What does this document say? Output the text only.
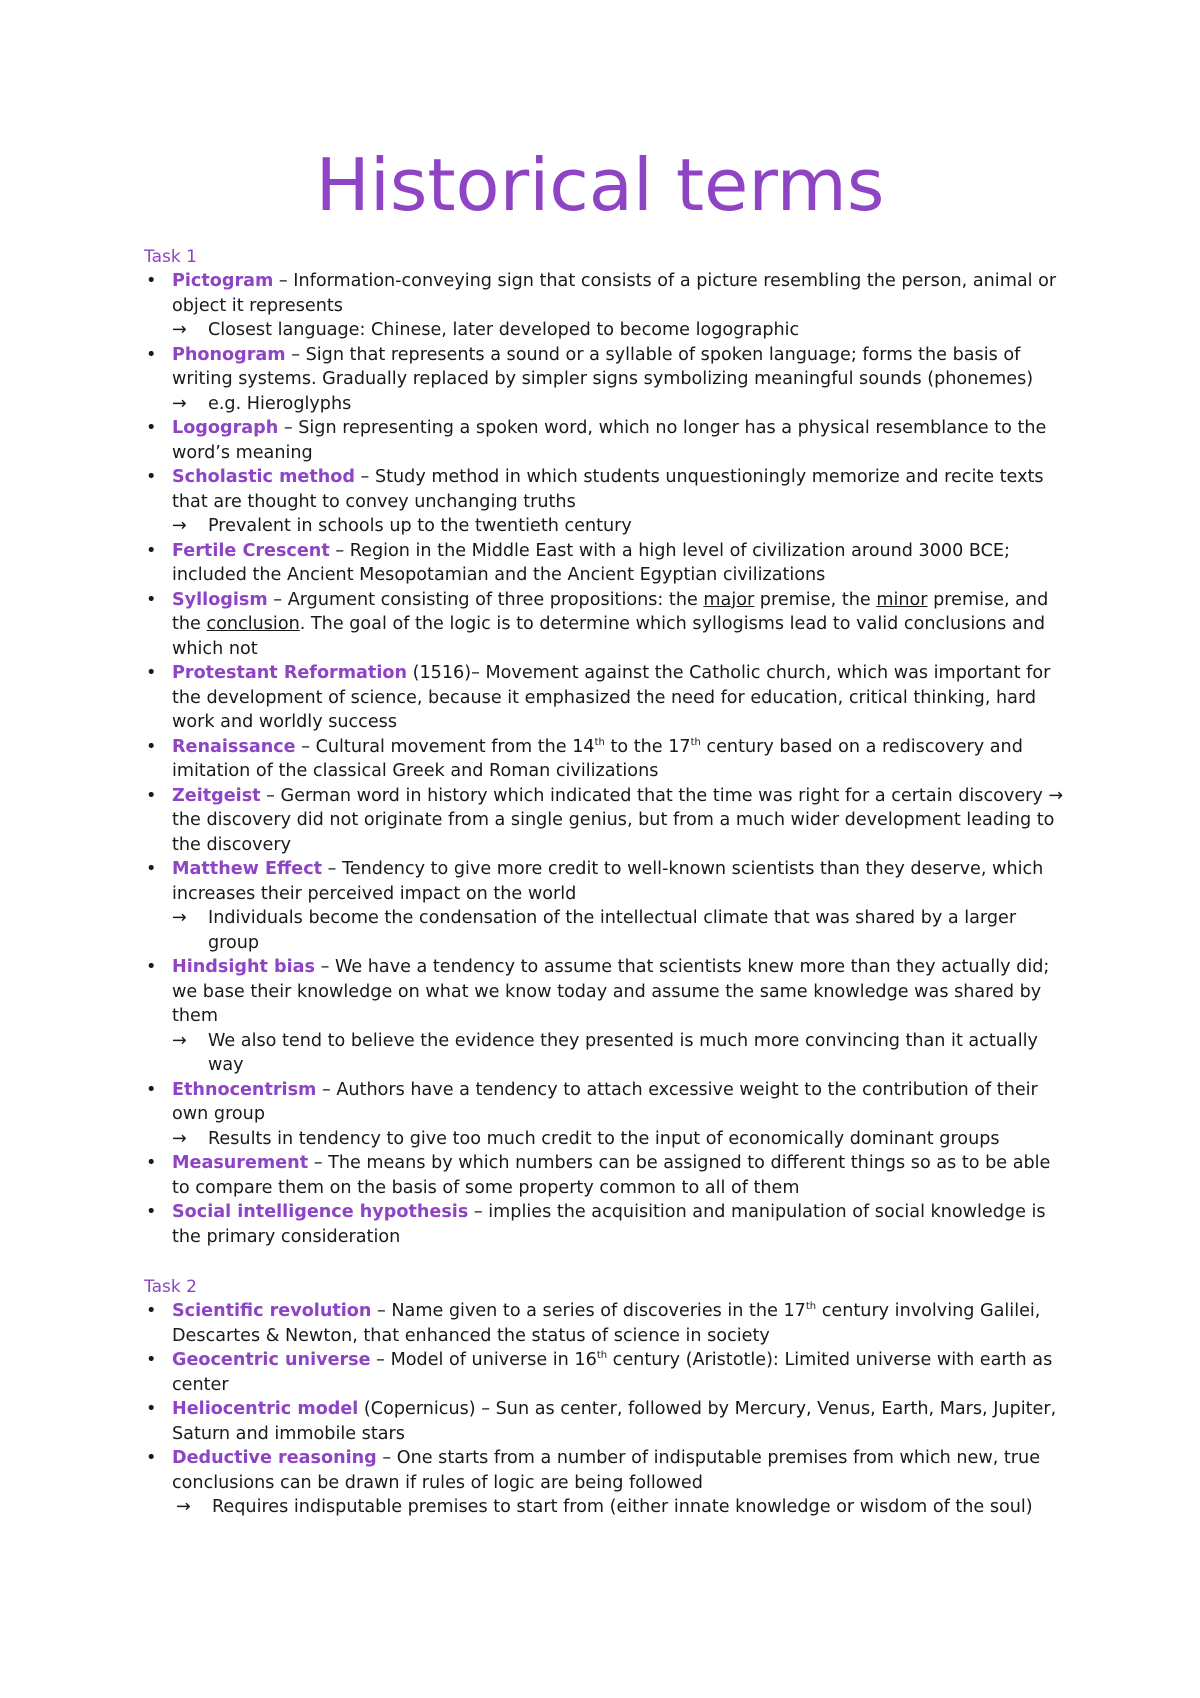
Historical terms

Task 1

• Pictogram – Information-conveying sign that consists of a picture resembling the person, animal or object it represents
→ Closest language: Chinese, later developed to become logographic
• Phonogram – Sign that represents a sound or a syllable of spoken language; forms the basis of writing systems. Gradually replaced by simpler signs symbolizing meaningful sounds (phonemes)
→ e.g. Hieroglyphs
• Logograph – Sign representing a spoken word, which no longer has a physical resemblance to the word’s meaning
• Scholastic method – Study method in which students unquestioningly memorize and recite texts that are thought to convey unchanging truths
→ Prevalent in schools up to the twentieth century
• Fertile Crescent – Region in the Middle East with a high level of civilization around 3000 BCE; included the Ancient Mesopotamian and the Ancient Egyptian civilizations
• Syllogism – Argument consisting of three propositions: the major premise, the minor premise, and the conclusion. The goal of the logic is to determine which syllogisms lead to valid conclusions and which not
• Protestant Reformation (1516)– Movement against the Catholic church, which was important for the development of science, because it emphasized the need for education, critical thinking, hard work and worldly success
• Renaissance – Cultural movement from the 14th to the 17th century based on a rediscovery and imitation of the classical Greek and Roman civilizations
• Zeitgeist – German word in history which indicated that the time was right for a certain discovery → the discovery did not originate from a single genius, but from a much wider development leading to the discovery
• Matthew Effect – Tendency to give more credit to well-known scientists than they deserve, which increases their perceived impact on the world
→ Individuals become the condensation of the intellectual climate that was shared by a larger group
• Hindsight bias – We have a tendency to assume that scientists knew more than they actually did; we base their knowledge on what we know today and assume the same knowledge was shared by them
→ We also tend to believe the evidence they presented is much more convincing than it actually way
• Ethnocentrism – Authors have a tendency to attach excessive weight to the contribution of their own group
→ Results in tendency to give too much credit to the input of economically dominant groups
• Measurement – The means by which numbers can be assigned to different things so as to be able to compare them on the basis of some property common to all of them
• Social intelligence hypothesis – implies the acquisition and manipulation of social knowledge is the primary consideration

Task 2

• Scientific revolution – Name given to a series of discoveries in the 17th century involving Galilei, Descartes & Newton, that enhanced the status of science in society
• Geocentric universe – Model of universe in 16th century (Aristotle): Limited universe with earth as center
• Heliocentric model (Copernicus) – Sun as center, followed by Mercury, Venus, Earth, Mars, Jupiter, Saturn and immobile stars
• Deductive reasoning – One starts from a number of indisputable premises from which new, true conclusions can be drawn if rules of logic are being followed
→ Requires indisputable premises to start from (either innate knowledge or wisdom of the soul)
